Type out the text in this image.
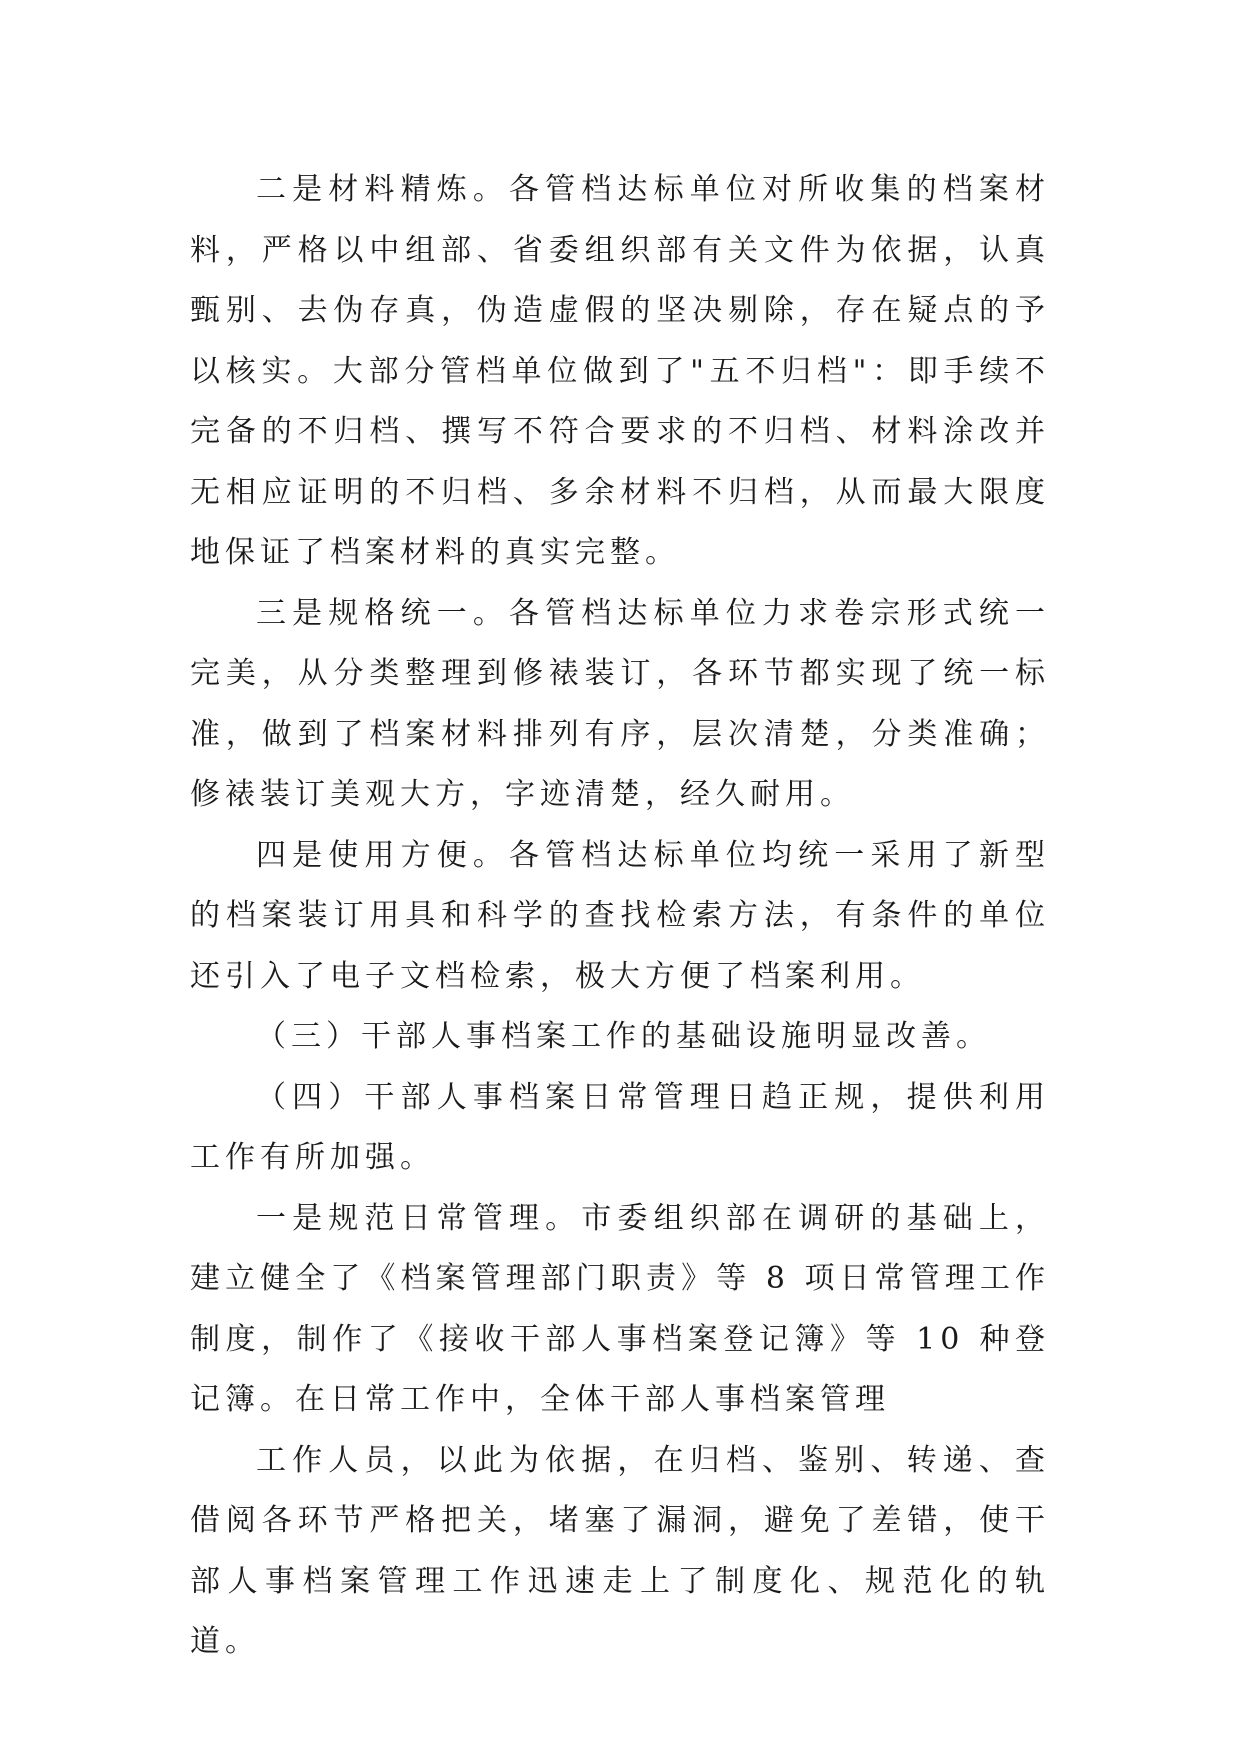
二是材料精炼。各管档达标单位对所收集的档案材料，严格以中组部、省委组织部有关文件为依据，认真甄别、去伪存真，伪造虚假的坚决剔除，存在疑点的予以核实。大部分管档单位做到了"五不归档"：即手续不完备的不归档、撰写不符合要求的不归档、材料涂改并无相应证明的不归档、多余材料不归档，从而最大限度地保证了档案材料的真实完整。

三是规格统一。各管档达标单位力求卷宗形式统一完美，从分类整理到修裱装订，各环节都实现了统一标准，做到了档案材料排列有序，层次清楚，分类准确；修裱装订美观大方，字迹清楚，经久耐用。

四是使用方便。各管档达标单位均统一采用了新型的档案装订用具和科学的查找检索方法，有条件的单位还引入了电子文档检索，极大方便了档案利用。

（三）干部人事档案工作的基础设施明显改善。

（四）干部人事档案日常管理日趋正规，提供利用工作有所加强。

一是规范日常管理。市委组织部在调研的基础上，建立健全了《档案管理部门职责》等 8 项日常管理工作制度，制作了《接收干部人事档案登记簿》等 10 种登记簿。在日常工作中，全体干部人事档案管理

工作人员，以此为依据，在归档、鉴别、转递、查借阅各环节严格把关，堵塞了漏洞，避免了差错，使干部人事档案管理工作迅速走上了制度化、规范化的轨道。
